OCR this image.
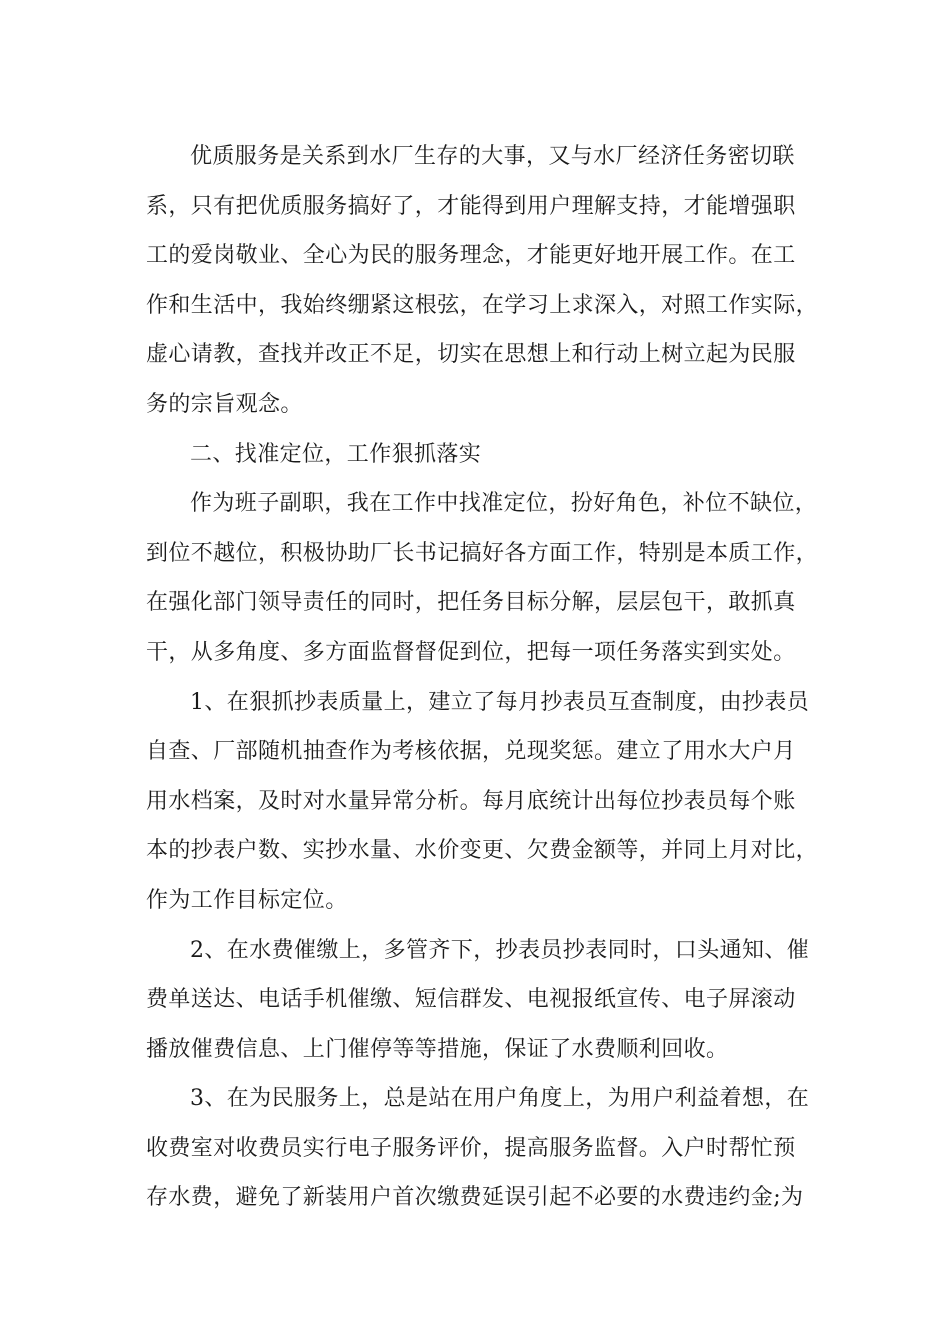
优质服务是关系到水厂生存的大事，又与水厂经济任务密切联
系，只有把优质服务搞好了，才能得到用户理解支持，才能增强职
工的爱岗敬业、全心为民的服务理念，才能更好地开展工作。在工
作和生活中，我始终绷紧这根弦，在学习上求深入，对照工作实际，
虚心请教，查找并改正不足，切实在思想上和行动上树立起为民服
务的宗旨观念。
二、找准定位，工作狠抓落实
作为班子副职，我在工作中找准定位，扮好角色，补位不缺位，
到位不越位，积极协助厂长书记搞好各方面工作，特别是本质工作，
在强化部门领导责任的同时，把任务目标分解，层层包干，敢抓真
干，从多角度、多方面监督督促到位，把每一项任务落实到实处。
1、在狠抓抄表质量上，建立了每月抄表员互查制度，由抄表员
自查、厂部随机抽查作为考核依据，兑现奖惩。建立了用水大户月
用水档案，及时对水量异常分析。每月底统计出每位抄表员每个账
本的抄表户数、实抄水量、水价变更、欠费金额等，并同上月对比，
作为工作目标定位。
2、在水费催缴上，多管齐下，抄表员抄表同时，口头通知、催
费单送达、电话手机催缴、短信群发、电视报纸宣传、电子屏滚动
播放催费信息、上门催停等等措施，保证了水费顺利回收。
3、在为民服务上，总是站在用户角度上，为用户利益着想，在
收费室对收费员实行电子服务评价，提高服务监督。入户时帮忙预
存水费，避免了新装用户首次缴费延误引起不必要的水费违约金;为
